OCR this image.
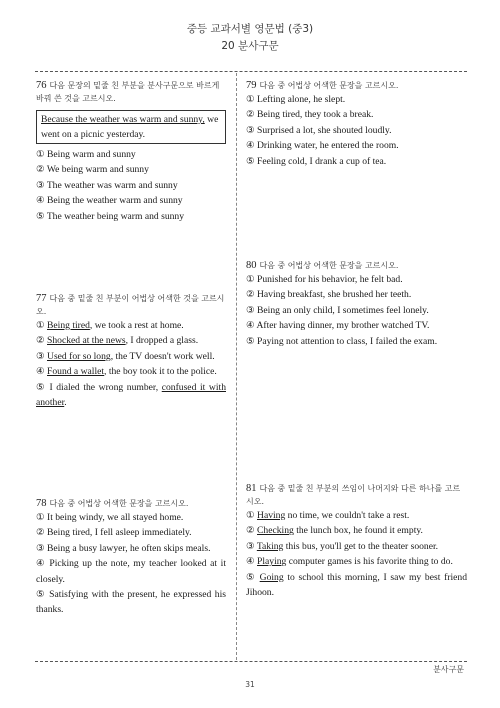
중등 교과서별 영문법 (중3)
20 분사구문
76 다음 문장의 밑줄 친 부분을 분사구문으로 바르게 바꿔 쓴 것을 고르시오.
Because the weather was warm and sunny, we went on a picnic yesterday.
① Being warm and sunny
② We being warm and sunny
③ The weather was warm and sunny
④ Being the weather warm and sunny
⑤ The weather being warm and sunny
77 다음 중 밑줄 친 부분이 어법상 어색한 것을 고르시오.
① Being tired, we took a rest at home.
② Shocked at the news, I dropped a glass.
③ Used for so long, the TV doesn't work well.
④ Found a wallet, the boy took it to the police.
⑤ I dialed the wrong number, confused it with another.
78 다음 중 어법상 어색한 문장을 고르시오.
① It being windy, we all stayed home.
② Being tired, I fell asleep immediately.
③ Being a busy lawyer, he often skips meals.
④ Picking up the note, my teacher looked at it closely.
⑤ Satisfying with the present, he expressed his thanks.
79 다음 중 어법상 어색한 문장을 고르시오.
① Lefting alone, he slept.
② Being tired, they took a break.
③ Surprised a lot, she shouted loudly.
④ Drinking water, he entered the room.
⑤ Feeling cold, I drank a cup of tea.
80 다음 중 어법상 어색한 문장을 고르시오.
① Punished for his behavior, he felt bad.
② Having breakfast, she brushed her teeth.
③ Being an only child, I sometimes feel lonely.
④ After having dinner, my brother watched TV.
⑤ Paying not attention to class, I failed the exam.
81 다음 중 밑줄 친 부분의 쓰임이 나머지와 다른 하나를 고르시오.
① Having no time, we couldn't take a rest.
② Checking the lunch box, he found it empty.
③ Taking this bus, you'll get to the theater sooner.
④ Playing computer games is his favorite thing to do.
⑤ Going to school this morning, I saw my best friend Jihoon.
분사구문
31
